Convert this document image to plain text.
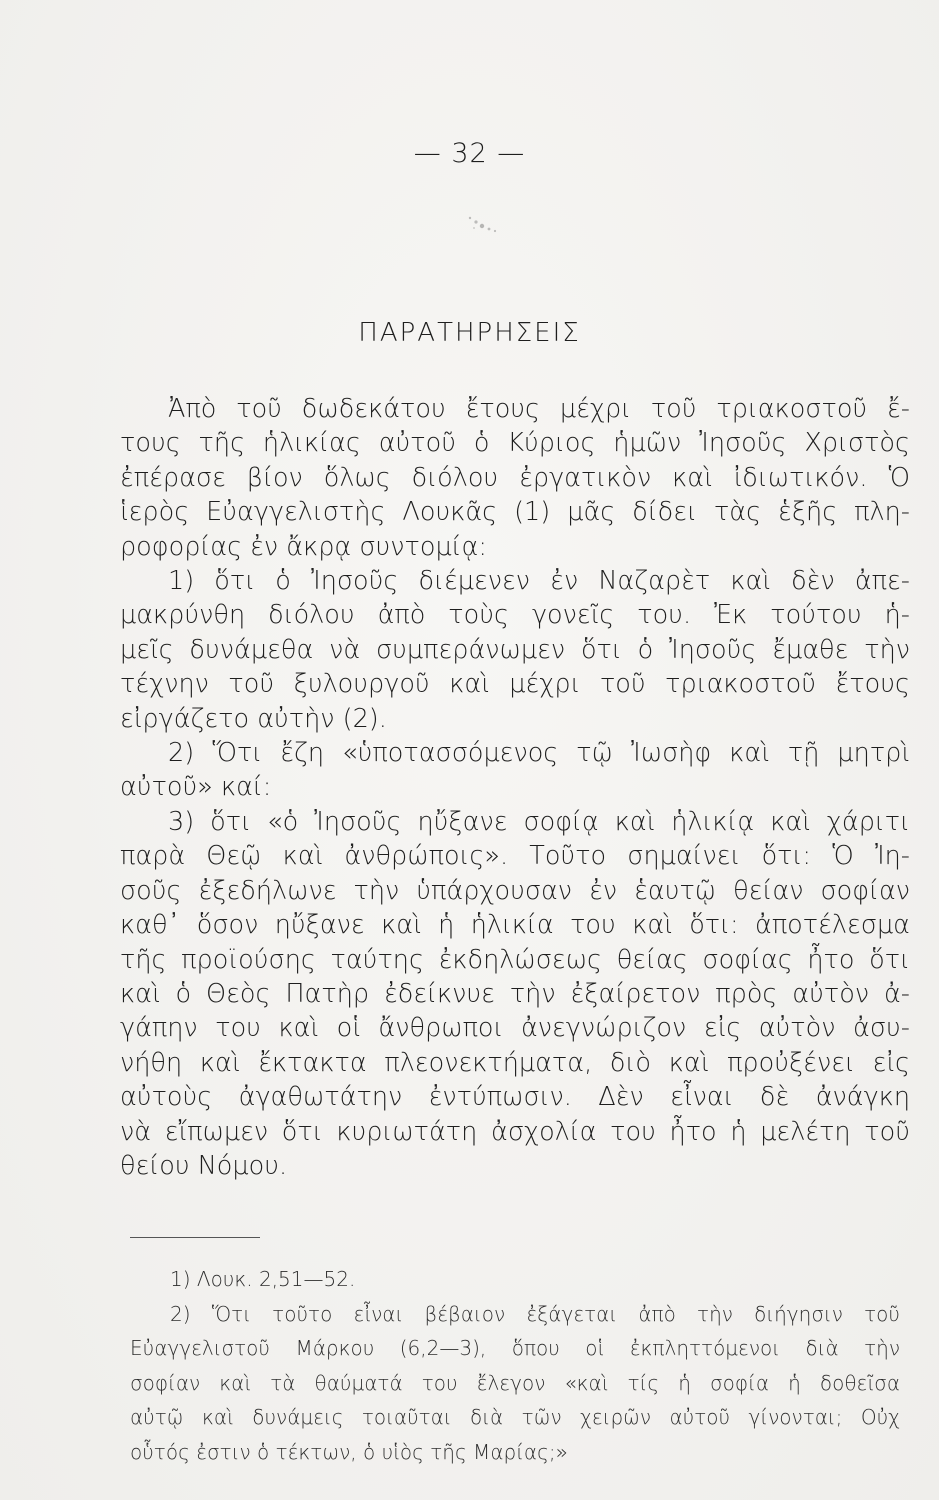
— 32 —
ΠΑΡΑΤΗΡΗΣΕΙΣ
Ἀπὸ τοῦ δωδεκάτου ἔτους μέχρι τοῦ τριακοστοῦ ἔ-
τους τῆς ἡλικίας αὐτοῦ ὁ Κύριος ἡμῶν Ἰησοῦς Χριστὸς
ἐπέρασε βίον ὅλως διόλου ἐργατικὸν καὶ ἰδιωτικόν. Ὁ
ἱερὸς Εὐαγγελιστὴς Λουκᾶς (1) μᾶς δίδει τὰς ἑξῆς πλη-
ροφορίας ἐν ἄκρᾳ συντομίᾳ:
1) ὅτι ὁ Ἰησοῦς διέμενεν ἐν Ναζαρὲτ καὶ δὲν ἀπε-
μακρύνθη διόλου ἀπὸ τοὺς γονεῖς του. Ἐκ τούτου ἡ-
μεῖς δυνάμεθα νὰ συμπεράνωμεν ὅτι ὁ Ἰησοῦς ἔμαθε τὴν
τέχνην τοῦ ξυλουργοῦ καὶ μέχρι τοῦ τριακοστοῦ ἔτους
εἰργάζετο αὐτὴν (2).
2) Ὅτι ἔζη «ὑποτασσόμενος τῷ Ἰωσὴφ καὶ τῇ μητρὶ
αὐτοῦ» καί:
3) ὅτι «ὁ Ἰησοῦς ηὔξανε σοφίᾳ καὶ ἡλικίᾳ καὶ χάριτι
παρὰ Θεῷ καὶ ἀνθρώποις». Τοῦτο σημαίνει ὅτι: Ὁ Ἰη-
σοῦς ἐξεδήλωνε τὴν ὑπάρχουσαν ἐν ἑαυτῷ θείαν σοφίαν
καθ᾽ ὅσον ηὔξανε καὶ ἡ ἡλικία του καὶ ὅτι: ἀποτέλεσμα
τῆς προϊούσης ταύτης ἐκδηλώσεως θείας σοφίας ἦτο ὅτι
καὶ ὁ Θεὸς Πατὴρ ἐδείκνυε τὴν ἐξαίρετον πρὸς αὐτὸν ἀ-
γάπην του καὶ οἱ ἄνθρωποι ἀνεγνώριζον εἰς αὐτὸν ἀσυ-
νήθη καὶ ἔκτακτα πλεονεκτήματα, διὸ καὶ προὐξένει εἰς
αὐτοὺς ἀγαθωτάτην ἐντύπωσιν. Δὲν εἶναι δὲ ἀνάγκη
νὰ εἴπωμεν ὅτι κυριωτάτη ἀσχολία του ἦτο ἡ μελέτη τοῦ
θείου Νόμου.
1) Λουκ. 2,51—52.
2) Ὅτι τοῦτο εἶναι βέβαιον ἐξάγεται ἀπὸ τὴν διήγησιν τοῦ
Εὐαγγελιστοῦ Μάρκου (6,2—3), ὅπου οἱ ἐκπληττόμενοι διὰ τὴν
σοφίαν καὶ τὰ θαύματά του ἔλεγον «καὶ τίς ἡ σοφία ἡ δοθεῖσα
αὐτῷ καὶ δυνάμεις τοιαῦται διὰ τῶν χειρῶν αὐτοῦ γίνονται; Οὐχ
οὗτός ἐστιν ὁ τέκτων, ὁ υἱὸς τῆς Μαρίας;»
